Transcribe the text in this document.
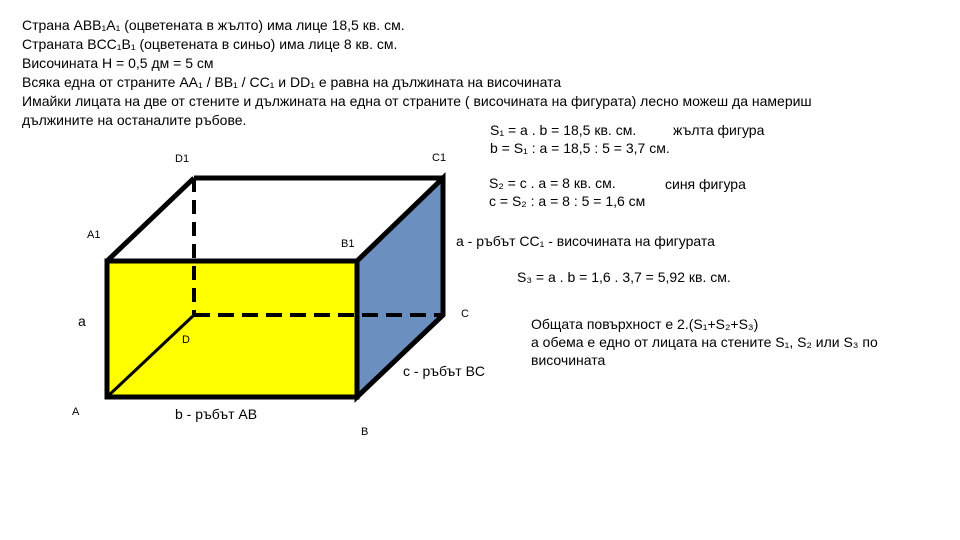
Страна ABB₁A₁ (оцветената в жълто) има лице 18,5 кв. см.
Страната BCC₁B₁ (оцветената в синьо) има лице 8 кв. см.
Височината H = 0,5 дм = 5 см
Всяка една от страните AA₁ / BB₁ / CC₁ и DD₁ е равна на дължината на височината
Имайки лицата на две от стените и дължината на една от страните ( височината на фигурата) лесно можеш да намериш
дължините на останалите ръбове.
D1	C1
A1
B1
C
D
A
B
a
b - ръбът AB
c - ръбът BC
S₁ = a . b = 18,5 кв. см.	жълта фигура
b = S₁ : a = 18,5 : 5 = 3,7 см.
S₂ = c . a = 8 кв. см.	синя фигура
c = S₂ : a = 8 : 5 = 1,6 см
a - ръбът CC₁ - височината на фигурата
S₃ = a . b = 1,6 . 3,7 = 5,92 кв. см.
Общата повърхност е 2.(S₁+S₂+S₃)
а обема е едно от лицата на стените S₁, S₂ или S₃ по височината
